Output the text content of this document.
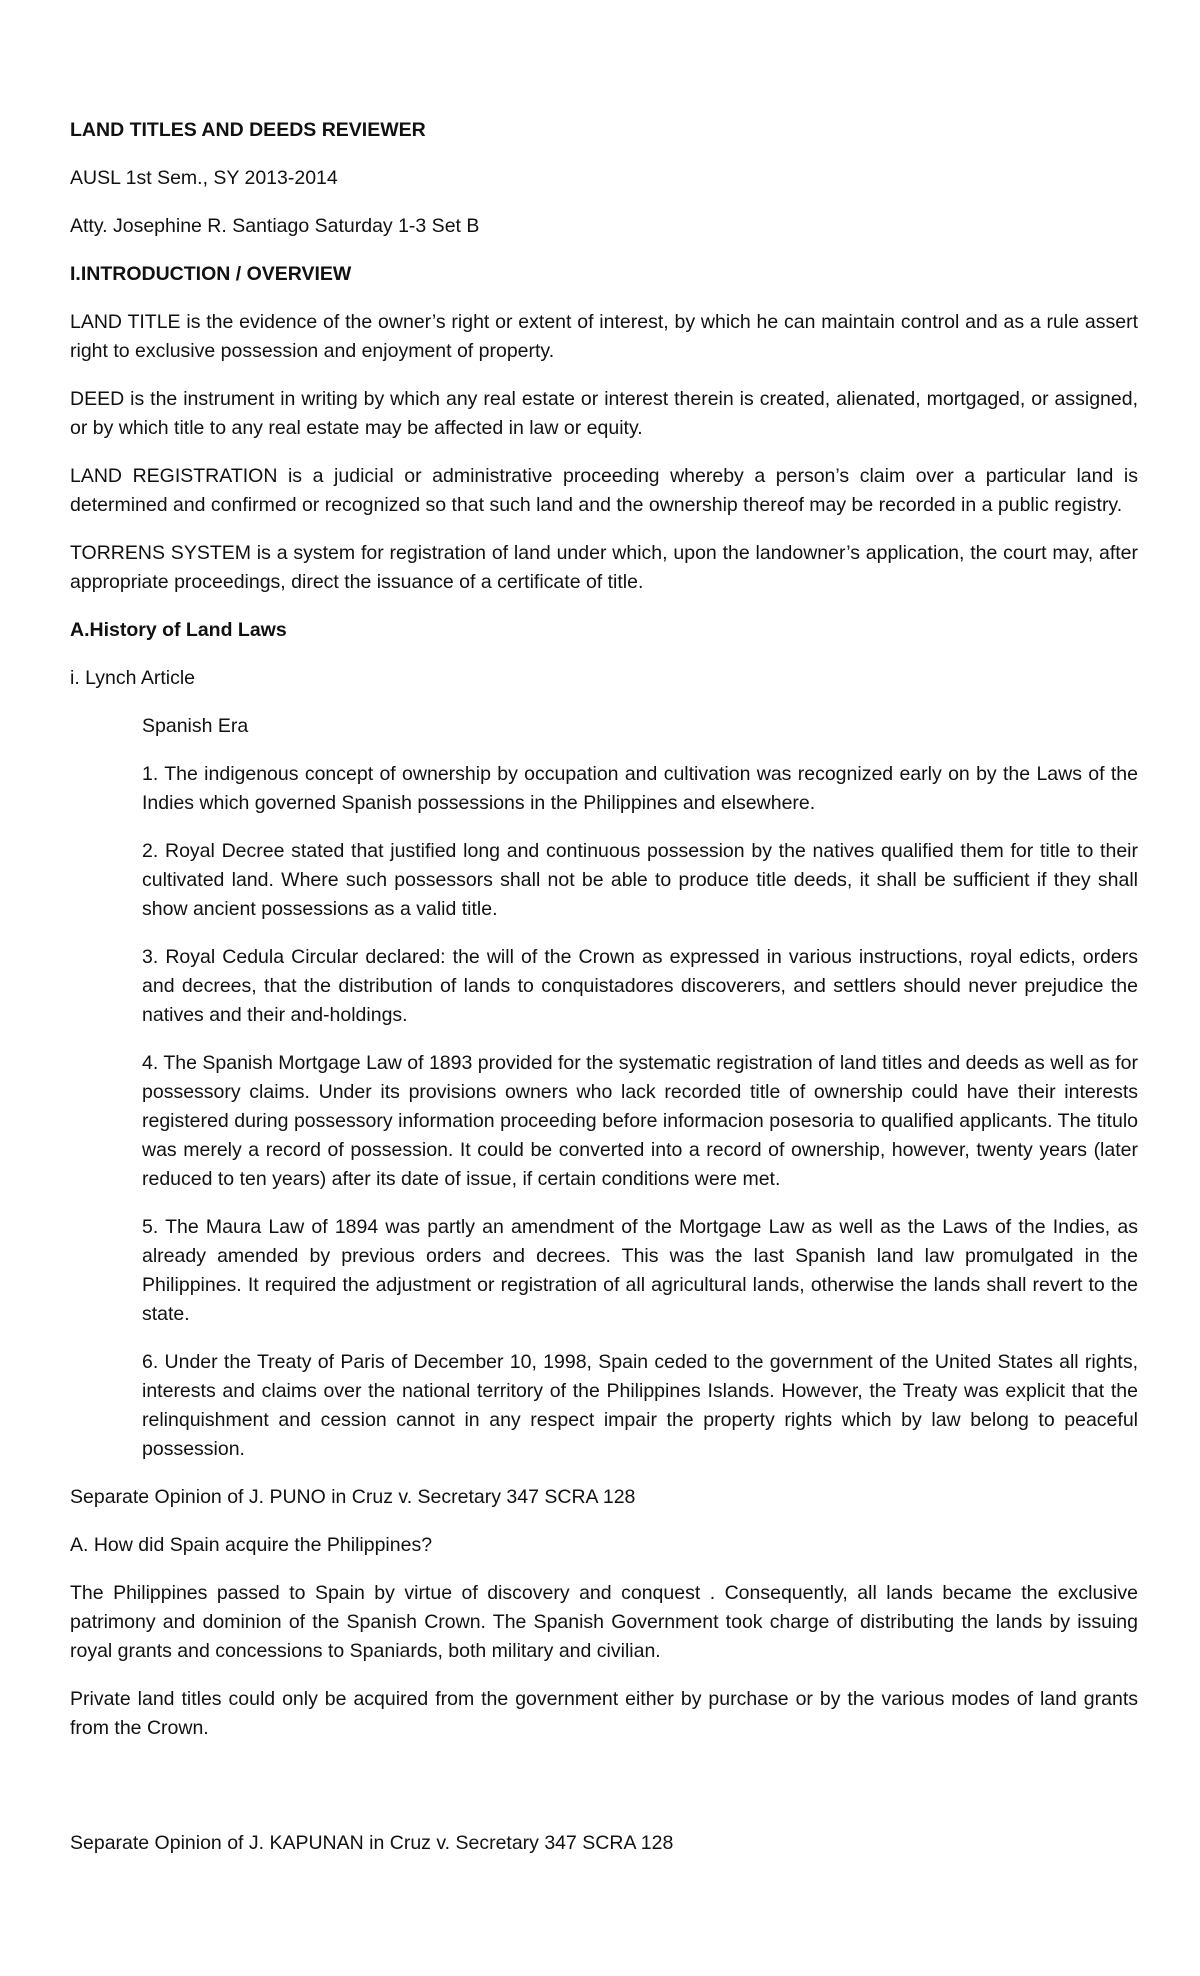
LAND TITLES AND DEEDS REVIEWER

AUSL 1st Sem., SY 2013-2014

Atty. Josephine R. Santiago Saturday 1-3 Set B

I.INTRODUCTION / OVERVIEW

LAND TITLE is the evidence of the owner’s right or extent of interest, by which he can maintain control and as a rule assert right to exclusive possession and enjoyment of property.

DEED is the instrument in writing by which any real estate or interest therein is created, alienated, mortgaged, or assigned, or by which title to any real estate may be affected in law or equity.

LAND REGISTRATION is a judicial or administrative proceeding whereby a person’s claim over a particular land is determined and confirmed or recognized so that such land and the ownership thereof may be recorded in a public registry.

TORRENS SYSTEM is a system for registration of land under which, upon the landowner’s application, the court may, after appropriate proceedings, direct the issuance of a certificate of title.

A.History of Land Laws

i. Lynch Article

Spanish Era

1. The indigenous concept of ownership by occupation and cultivation was recognized early on by the Laws of the Indies which governed Spanish possessions in the Philippines and elsewhere.

2. Royal Decree stated that justified long and continuous possession by the natives qualified them for title to their cultivated land. Where such possessors shall not be able to produce title deeds, it shall be sufficient if they shall show ancient possessions as a valid title.

3. Royal Cedula Circular declared: the will of the Crown as expressed in various instructions, royal edicts, orders and decrees, that the distribution of lands to conquistadores discoverers, and settlers should never prejudice the natives and their and-holdings.

4. The Spanish Mortgage Law of 1893 provided for the systematic registration of land titles and deeds as well as for possessory claims. Under its provisions owners who lack recorded title of ownership could have their interests registered during possessory information proceeding before informacion posesoria to qualified applicants. The titulo was merely a record of possession. It could be converted into a record of ownership, however, twenty years (later reduced to ten years) after its date of issue, if certain conditions were met.

5. The Maura Law of 1894 was partly an amendment of the Mortgage Law as well as the Laws of the Indies, as already amended by previous orders and decrees. This was the last Spanish land law promulgated in the Philippines. It required the adjustment or registration of all agricultural lands, otherwise the lands shall revert to the state.

6. Under the Treaty of Paris of December 10, 1998, Spain ceded to the government of the United States all rights, interests and claims over the national territory of the Philippines Islands. However, the Treaty was explicit that the relinquishment and cession cannot in any respect impair the property rights which by law belong to peaceful possession.

Separate Opinion of J. PUNO in Cruz v. Secretary 347 SCRA 128

A. How did Spain acquire the Philippines?

The Philippines passed to Spain by virtue of discovery and conquest . Consequently, all lands became the exclusive patrimony and dominion of the Spanish Crown. The Spanish Government took charge of distributing the lands by issuing royal grants and concessions to Spaniards, both military and civilian.

Private land titles could only be acquired from the government either by purchase or by the various modes of land grants from the Crown.

Separate Opinion of J. KAPUNAN in Cruz v. Secretary 347 SCRA 128
